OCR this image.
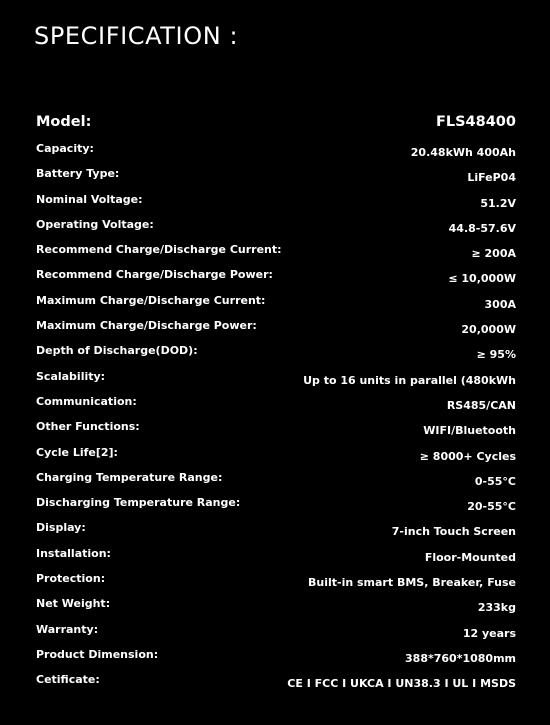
SPECIFICATION :
Model:	FLS48400
Capacity:	20.48kWh 400Ah
Battery Type:	LiFeP04
Nominal Voltage:	51.2V
Operating Voltage:	44.8-57.6V
Recommend Charge/Discharge Current:	≥ 200A
Recommend Charge/Discharge Power:	≤ 10,000W
Maximum Charge/Discharge Current:	300A
Maximum Charge/Discharge Power:	20,000W
Depth of Discharge(DOD):	≥ 95%
Scalability:	Up to 16 units in parallel (480kWh
Communication:	RS485/CAN
Other Functions:	WIFI/Bluetooth
Cycle Life[2]:	≥ 8000+ Cycles
Charging Temperature Range:	0-55°C
Discharging Temperature Range:	20-55°C
Display:	7-inch Touch Screen
Installation:	Floor-Mounted
Protection:	Built-in smart BMS, Breaker, Fuse
Net Weight:	233kg
Warranty:	12 years
Product Dimension:	388*760*1080mm
Cetificate:	CE I FCC I UKCA I UN38.3 I UL I MSDS
